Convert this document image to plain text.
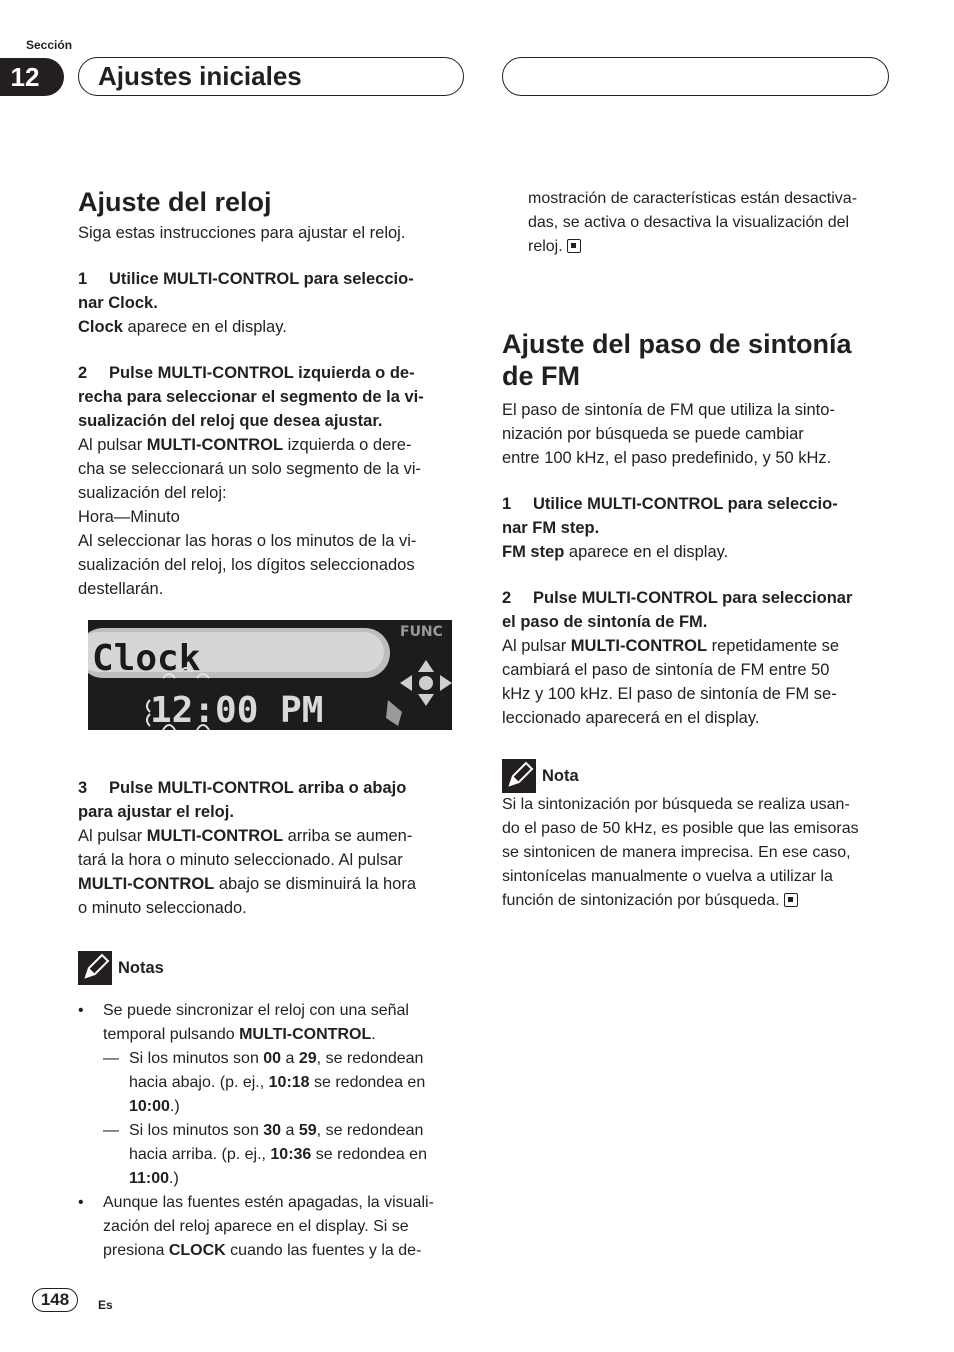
Sección
12	Ajustes iniciales
Ajuste del reloj

Siga estas instrucciones para ajustar el reloj.

1 Utilice MULTI-CONTROL para seleccio-

nar Clock.

Clock aparece en el display.

2 Pulse MULTI-CONTROL izquierda o de-

recha para seleccionar el segmento de la vi-

sualización del reloj que desea ajustar.

Al pulsar MULTI-CONTROL izquierda o dere-

cha se seleccionará un solo segmento de la vi-

sualización del reloj:

Hora—Minuto

Al seleccionar las horas o los minutos de la vi-

sualización del reloj, los dígitos seleccionados

destellarán.

Clock
12:00 PM
FUNC

3 Pulse MULTI-CONTROL arriba o abajo

para ajustar el reloj.

Al pulsar MULTI-CONTROL arriba se aumen-

tará la hora o minuto seleccionado. Al pulsar

MULTI-CONTROL abajo se disminuirá la hora

o minuto seleccionado.

Notas
• Se puede sincronizar el reloj con una señal

temporal pulsando MULTI-CONTROL.

— Si los minutos son 00 a 29, se redondean

hacia abajo. (p. ej., 10:18 se redondea en

10:00.)

— Si los minutos son 30 a 59, se redondean

hacia arriba. (p. ej., 10:36 se redondea en

11:00.)

• Aunque las fuentes estén apagadas, la visuali-

zación del reloj aparece en el display. Si se

presiona CLOCK cuando las fuentes y la de-

mostración de características están desactiva-

das, se activa o desactiva la visualización del

reloj.

Ajuste del paso de sintonía
de FM

El paso de sintonía de FM que utiliza la sinto-

nización por búsqueda se puede cambiar

entre 100 kHz, el paso predefinido, y 50 kHz.

1 Utilice MULTI-CONTROL para seleccio-

nar FM step.

FM step aparece en el display.

2 Pulse MULTI-CONTROL para seleccionar

el paso de sintonía de FM.

Al pulsar MULTI-CONTROL repetidamente se

cambiará el paso de sintonía de FM entre 50

kHz y 100 kHz. El paso de sintonía de FM se-

leccionado aparecerá en el display.

Nota

Si la sintonización por búsqueda se realiza usan-

do el paso de 50 kHz, es posible que las emisoras

se sintonicen de manera imprecisa. En ese caso,

sintonícelas manualmente o vuelva a utilizar la

función de sintonización por búsqueda.

148	Es
